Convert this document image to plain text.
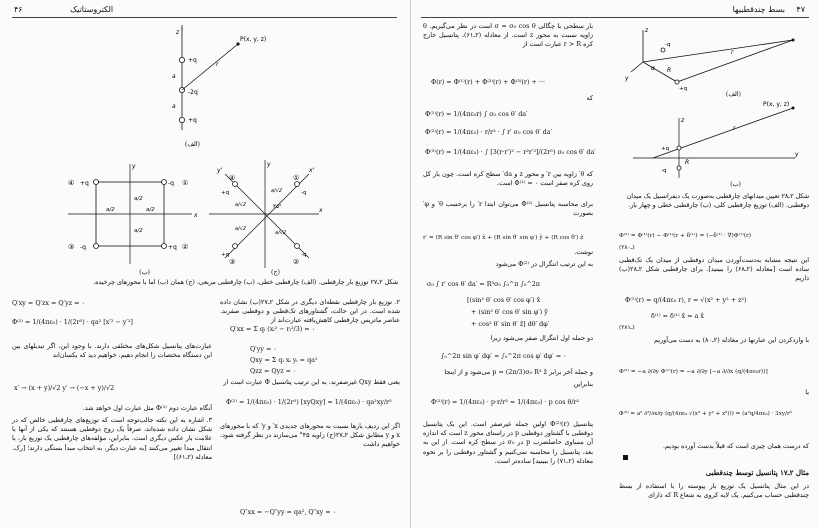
۴۶	الکتروستاتیک
P(x, y, z)
r
+q
-2q
+q
z
a
a
(الف)
x
y
+q	-q
-q	+q
④	①
③	②
a/2
a/2
a/2	a/2
(ب)
x
y
x'
y'
۴۵°
a/√2
a/√2
a/√2
a/√2
+q	-q
+q	-q
④	①
③	②
(ج)
شکل ۲ـ۲۷ توزیع بار چارقطبی. (الف) چارقطبی خطی، (ب) چارقطبی مربعی، (ج) همان (ب) اما با محورهای چرخیده.
۲. توزیع بار چارقطبی نقطه‌ای دیگری در شکل ۲ـ۲۷(ب) نشان داده شده است. در این حالت، گشتاورهای تک‌قطبی و دوقطبی صفرند. عناصر ماتریس چارقطبی کاهش‌یافته عبارت‌اند از
Q′xx = Σ qᵢ (xᵢ² − rᵢ²/3) = ۰
Q′yy = ۰
Qxy = Σ qᵢ xᵢ yᵢ = qa²
Qzz = Qyz = ۰
بعنی فقط Qxy غیرصفرند. به این ترتیب پتانسیل Φ عبارت است از
Φ⁽²⁾ = 1/(4πε₀) · 1/(2r⁵) [xyQxy] = 1/(4πε₀) · qa²xy/r⁵
اگر این ردیف بارها نسبت به محورهای جدیدی x′ و y′ که با محورهای x و y مطابق شکل ۲ـ۲۷(ج) زاویه ۴۵° می‌سازند در نظر گرفته شود، خواهیم داشت
Q″xx = −Q″yy = qa², Q″xy = ۰
Q′xy = Q′zx = Q′yz = ۰
Φ⁽²⁾ = 1/(4πε₀) · 1/(2r⁵) · qa² [x′² − y′²]
عبارت‌های پتانسیل شکل‌های مختلفی دارند. با وجود این، اگر تبدیلهای بین این دستگاه مختصات را انجام دهیم، خواهیم دید که یکسان‌اند
x′ → (x + y)/√2 y′ → (−x + y)/√2
آنگاه عبارت دوم Φ⁽²⁾ مثل عبارت اول خواهد شد.
۳. اشاره به این نکته جالب‌توجه است که توزیع‌های چارقطبی خالص که در شکل نشان داده شده‌اند، صرفاً یک زوج دوقطبی هستند که یکی از آنها با علامت بار عکس دیگری است. بنابراین، مؤلفه‌های چارقطبی یک توزیع بار، با انتقال مبدأ تغییر می‌کنند [به عبارت دیگر، به انتخاب مبدأ بستگی دارند؛ [رک. معادله (۲ـ۶۱)]
۴۷
بسط چندقطبیها
بار سطحی با چگالی σ = σ₀ cos θ است در نظر می‌گیریم. θ زاویه نسبت به محور z است. از معادله (۲ـ۶۱)، پتانسیل خارج کره r > R عبارت است از
Φ(r) = Φ⁽¹⁾(r) + Φ⁽²⁾(r) + Φ⁽³⁾(r) + ···
که
Φ⁽¹⁾(r) = 1/(4πε₀r) ∫ σ₀ cos θ′ da′
Φ⁽²⁾(r) = 1/(4πε₀) · r/r³ · ∫ r′ σ₀ cos θ′ da′
Φ⁽³⁾(r) = 1/(4πε₀) · ∫ [3(r·r′)² − r²r′²]/(2r⁵) σ₀ cos θ′ da′
که θ′ زاویه بین r′ و محور z و da′ سطح کره است. چون بار کل روی کره صفر است Φ⁽¹⁾ = ۰ است.
برای محاسبه پتانسیل Φ⁽²⁾ می‌توان ابتدا r′ را برحسب θ′ و φ′ بصورت
r′ = (R sin θ′ cos φ′) x̂ + (R sin θ′ sin φ′) ŷ + (R cos θ′) ẑ
نوشت.
به این ترتیب انتگرال در Φ⁽²⁾ می‌شود
σ₀ ∫ r′ cos θ′ da′ = R³σ₀ ∫₀^π ∫₀^2π
[(sin² θ′ cos θ′ cos φ′) x̂
+ (sin² θ′ cos θ′ sin φ′) ŷ
+ cos² θ′ sin θ′ ẑ] dθ′ dφ′
دو جمله اول انتگرال صفر می‌شود زیرا
∫₀^2π sin φ′ dφ′ = ∫₀^2π cos φ′ dφ′ = ۰
و جمله آخر برابر p = (2π/3)σ₀ R³ ẑ می‌شود و از اینجا
بنابراین
Φ⁽²⁾(r) = 1/(4πε₀) · p·r/r³ = 1/(4πε₀) · p cos θ/r²
پتانسیل Φ⁽²⁾(r) اولین جمله غیرصفر است. این یک پتانسیل دوقطبی با گشتاور دوقطبی p در راستای محور z است که اندازه آن مساوی حاصلضرب p در σ₀ در سطح کره است. از این به بعد، پتانسیل را محاسبه نمی‌کنیم و گشتاور دوقطبی را بر نحوه معادله (۲ـ۷۱) را ببینید] ساده‌تر است.
R
α
r
+q
-q
z
y
(الف)
P(x, y, z)
r
+q
-q
z
y
R
(ب)
شکل ۲ـ۲۸ تعیین میدانهای چارقطبی به‌صورت یک دیفرانسیل یک میدان دوقطبی. (الف) توزیع چارقطبی کلی، (ب) چارقطبی خطی و چهار بار.
Φ⁽²⁾ = Φ⁽¹⁾(r) − Φ⁽¹⁾(r + δ⁽¹⁾) = (−δ⁽¹⁾ · ∇)Φ⁽¹⁾(r)
(۲ـ۸۰)
این نتیجه مشابه به‌دست‌آوردن میدان دوقطبی از میدان یک تک‌قطبی ساده است [معادله (۲ـ۶۸) را ببینید]. برای چارقطبی شکل ۲ـ۲۸(ب) داریم
Φ⁽¹⁾(r) = q/(4πε₀ r), r = √(x² + y² + z²)
δ⁽¹⁾ = δ⁽¹⁾ x̂ = a x̂
(۲ـ۸۱)
با واردکردن این عبارتها در معادله (۲ـ۸۰) به دست می‌آوریم
Φ⁽²⁾ = −a ∂/∂y Φ⁽¹⁾(r) = −a ∂/∂y [−a ∂/∂x (q/(4πε₀r))]
یا
Φ⁽²⁾ = a² ∂²/∂x∂y (q/(4πε₀ √(x² + y² + z²))) = (a²q/4πε₀) · 3xy/r⁵
که درست همان چیزی است که قبلاً بدست آورده بودیم.
مثال ۲ـ۱۷ پتانسیل توسط چندقطبی
در این مثال پتانسیل یک توزیع بار پیوسته را با استفاده از بسط چندقطبی حساب می‌کنیم. یک لایه کروی به شعاع R که دارای
